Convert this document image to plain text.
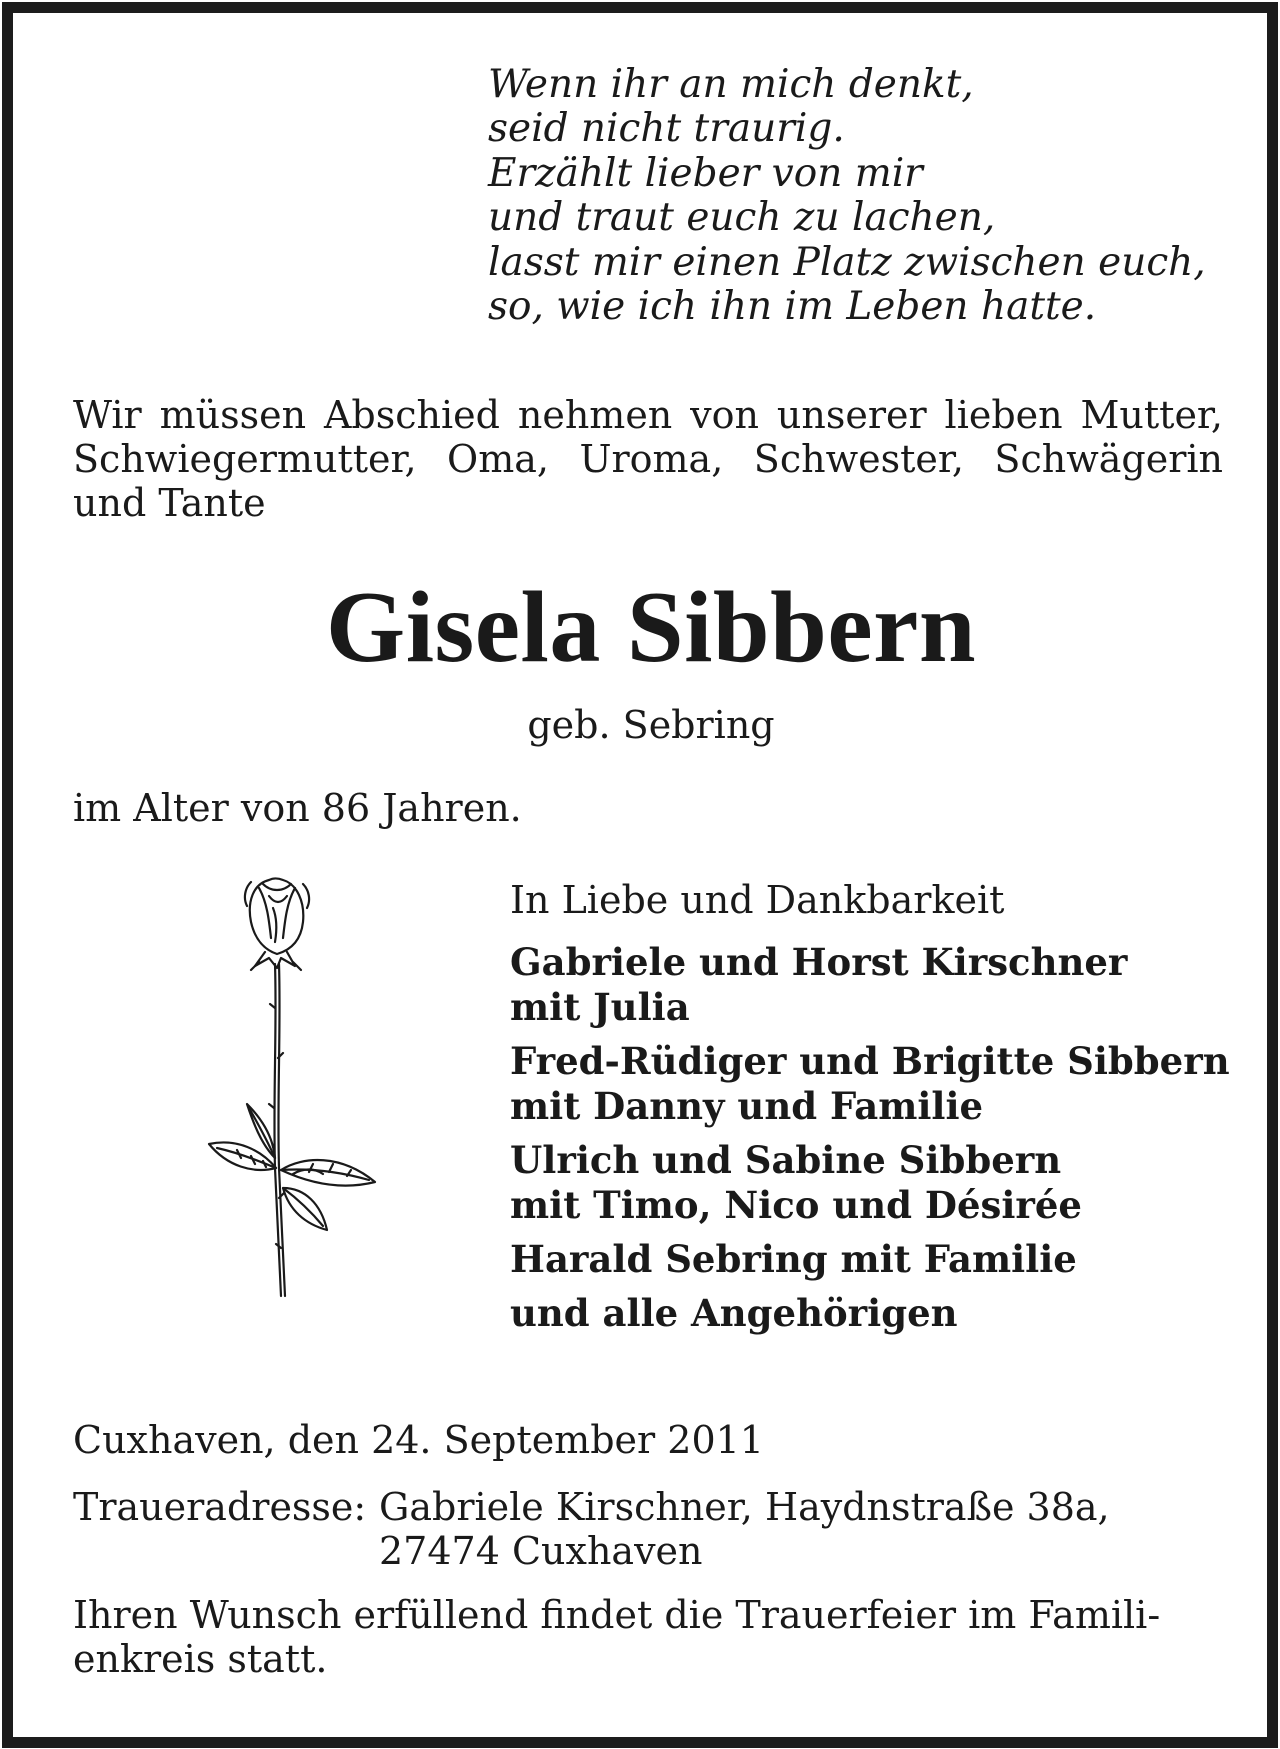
Wenn ihr an mich denkt,
seid nicht traurig.
Erzählt lieber von mir
und traut euch zu lachen,
lasst mir einen Platz zwischen euch,
so, wie ich ihn im Leben hatte.
Wir müssen Abschied nehmen von unserer lieben Mutter, Schwiegermutter, Oma, Uroma, Schwester, Schwägerin und Tante
Gisela Sibbern
geb. Sebring
im Alter von 86 Jahren.
In Liebe und Dankbarkeit
Gabriele und Horst Kirschner
mit Julia
Fred-Rüdiger und Brigitte Sibbern
mit Danny und Familie
Ulrich und Sabine Sibbern
mit Timo, Nico und Désirée
Harald Sebring mit Familie
und alle Angehörigen
Cuxhaven, den 24. September 2011
Traueradresse: Gabriele Kirschner, Haydnstraße 38a,
27474 Cuxhaven
Ihren Wunsch erfüllend findet die Trauerfeier im Famili-
enkreis statt.
